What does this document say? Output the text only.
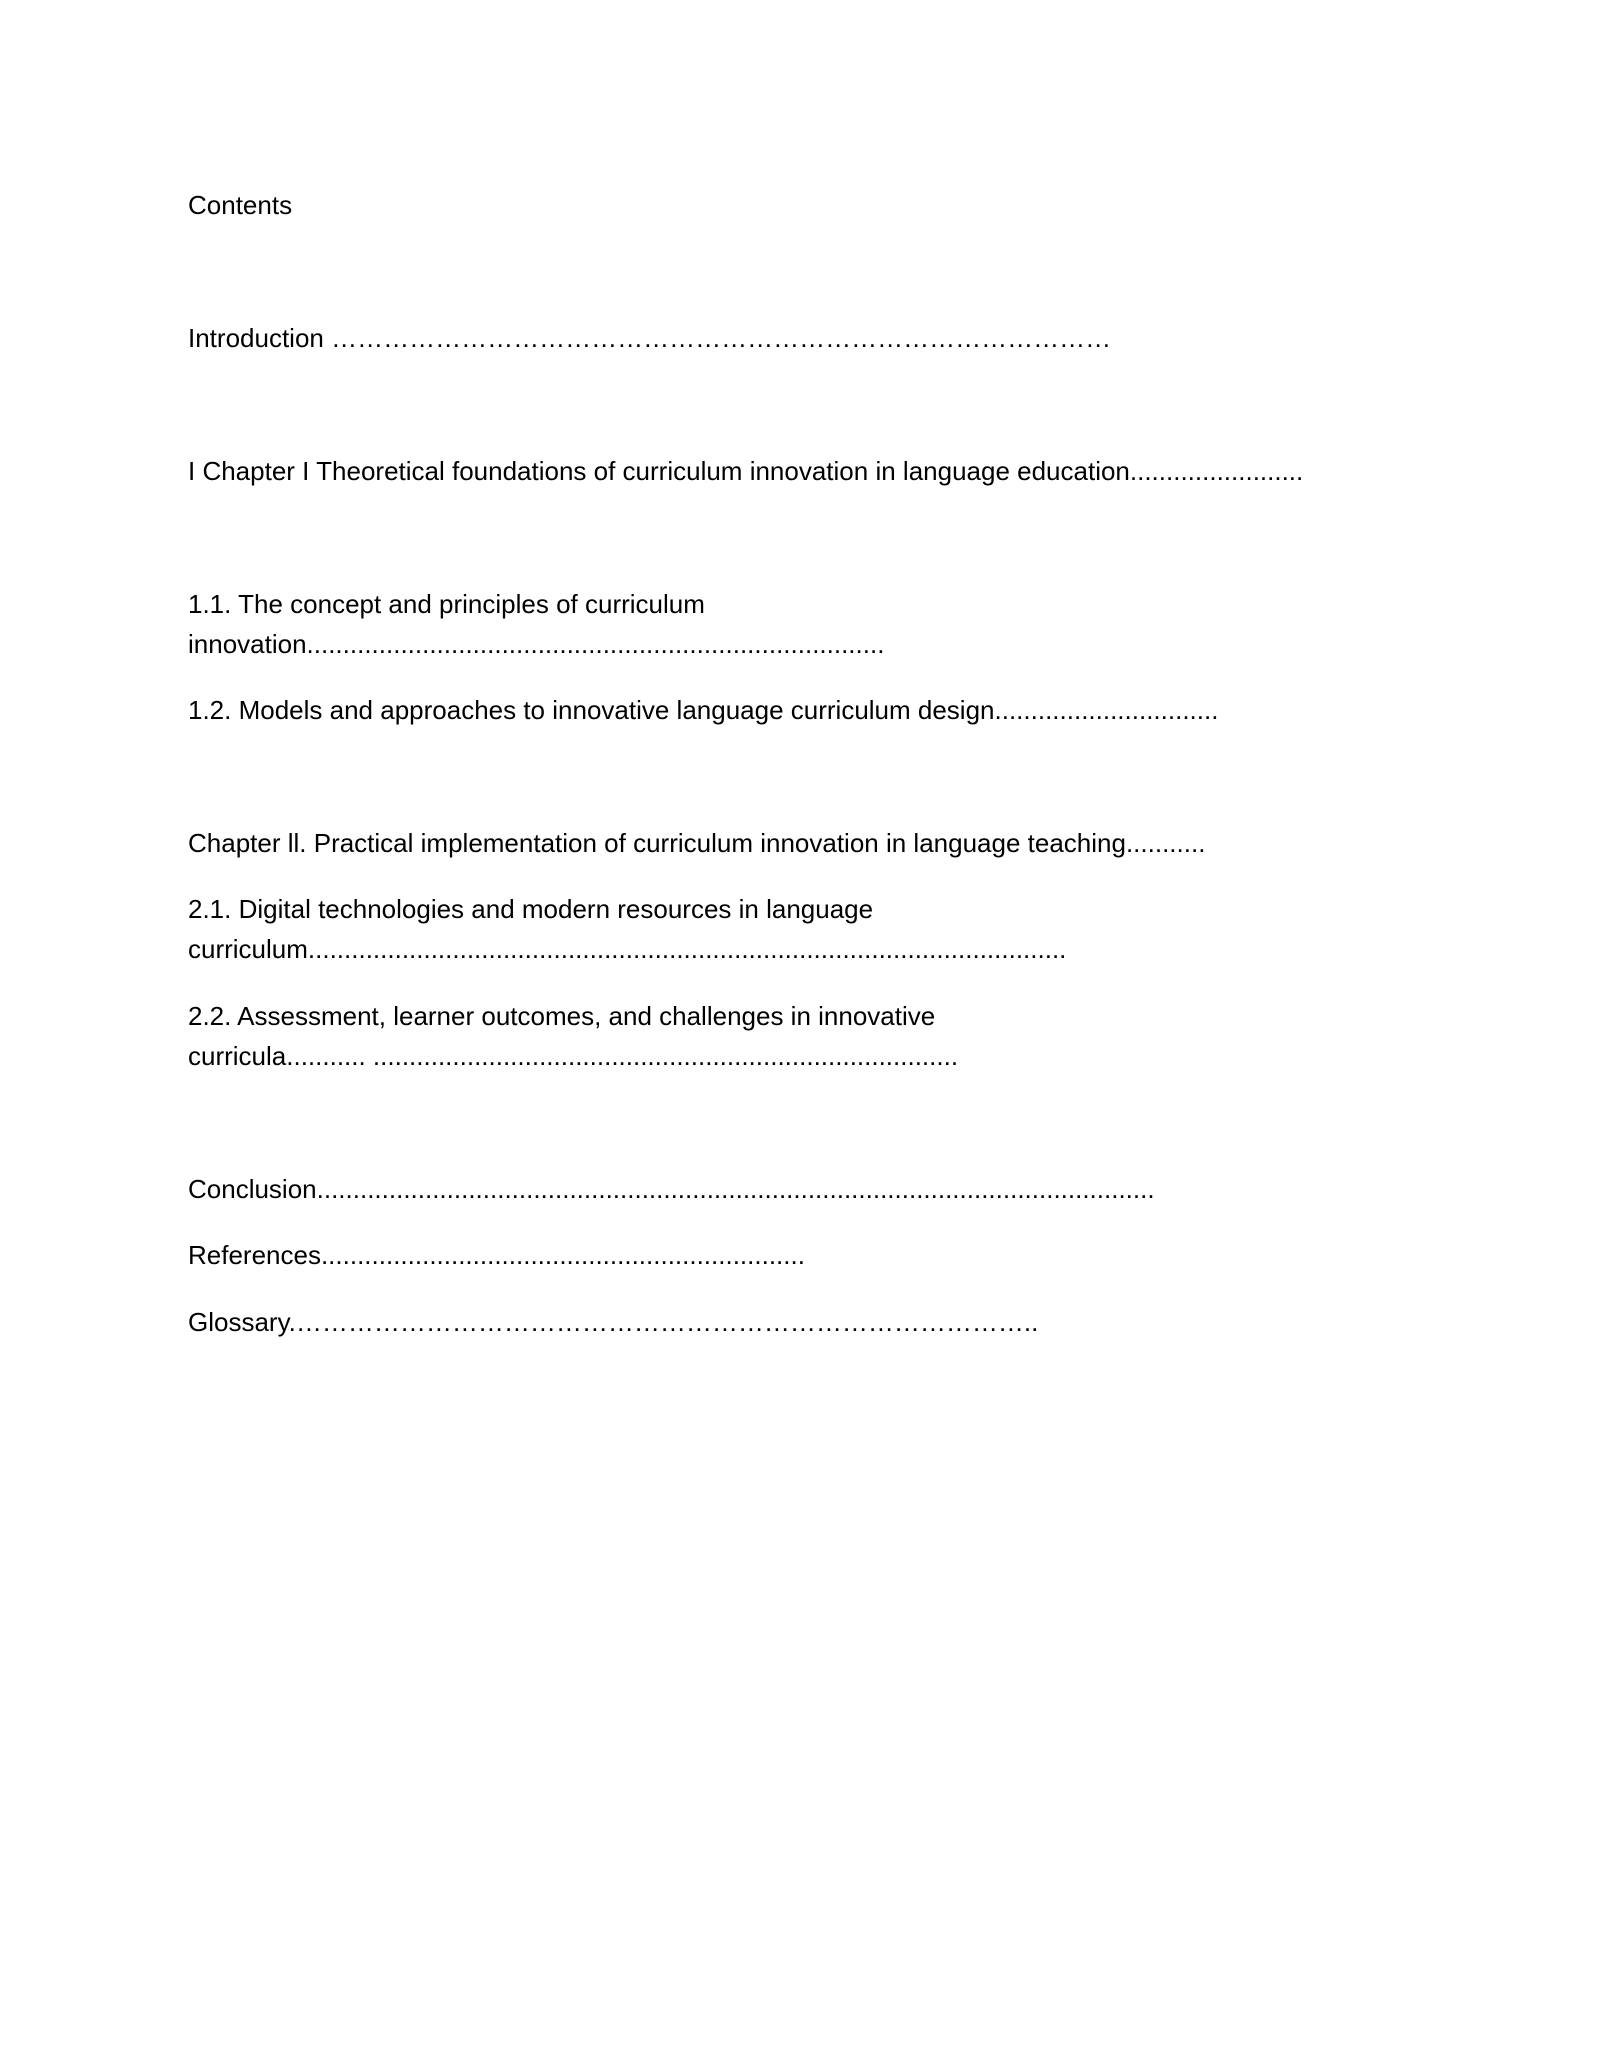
Contents
Introduction ………………………………………………………………………………
I Chapter I Theoretical foundations of curriculum innovation in language education........................
1.1. The concept and principles of curriculum
innovation................................................................................
1.2. Models and approaches to innovative language curriculum design...............................
Chapter ll. Practical implementation of curriculum innovation in language teaching...........
2.1. Digital technologies and modern resources in language
curriculum.........................................................................................................
2.2. Assessment, learner outcomes, and challenges in innovative
curricula........... .................................................................................
Conclusion....................................................................................................................
References...................................................................
Glossary.…………………………………………………………………………..
